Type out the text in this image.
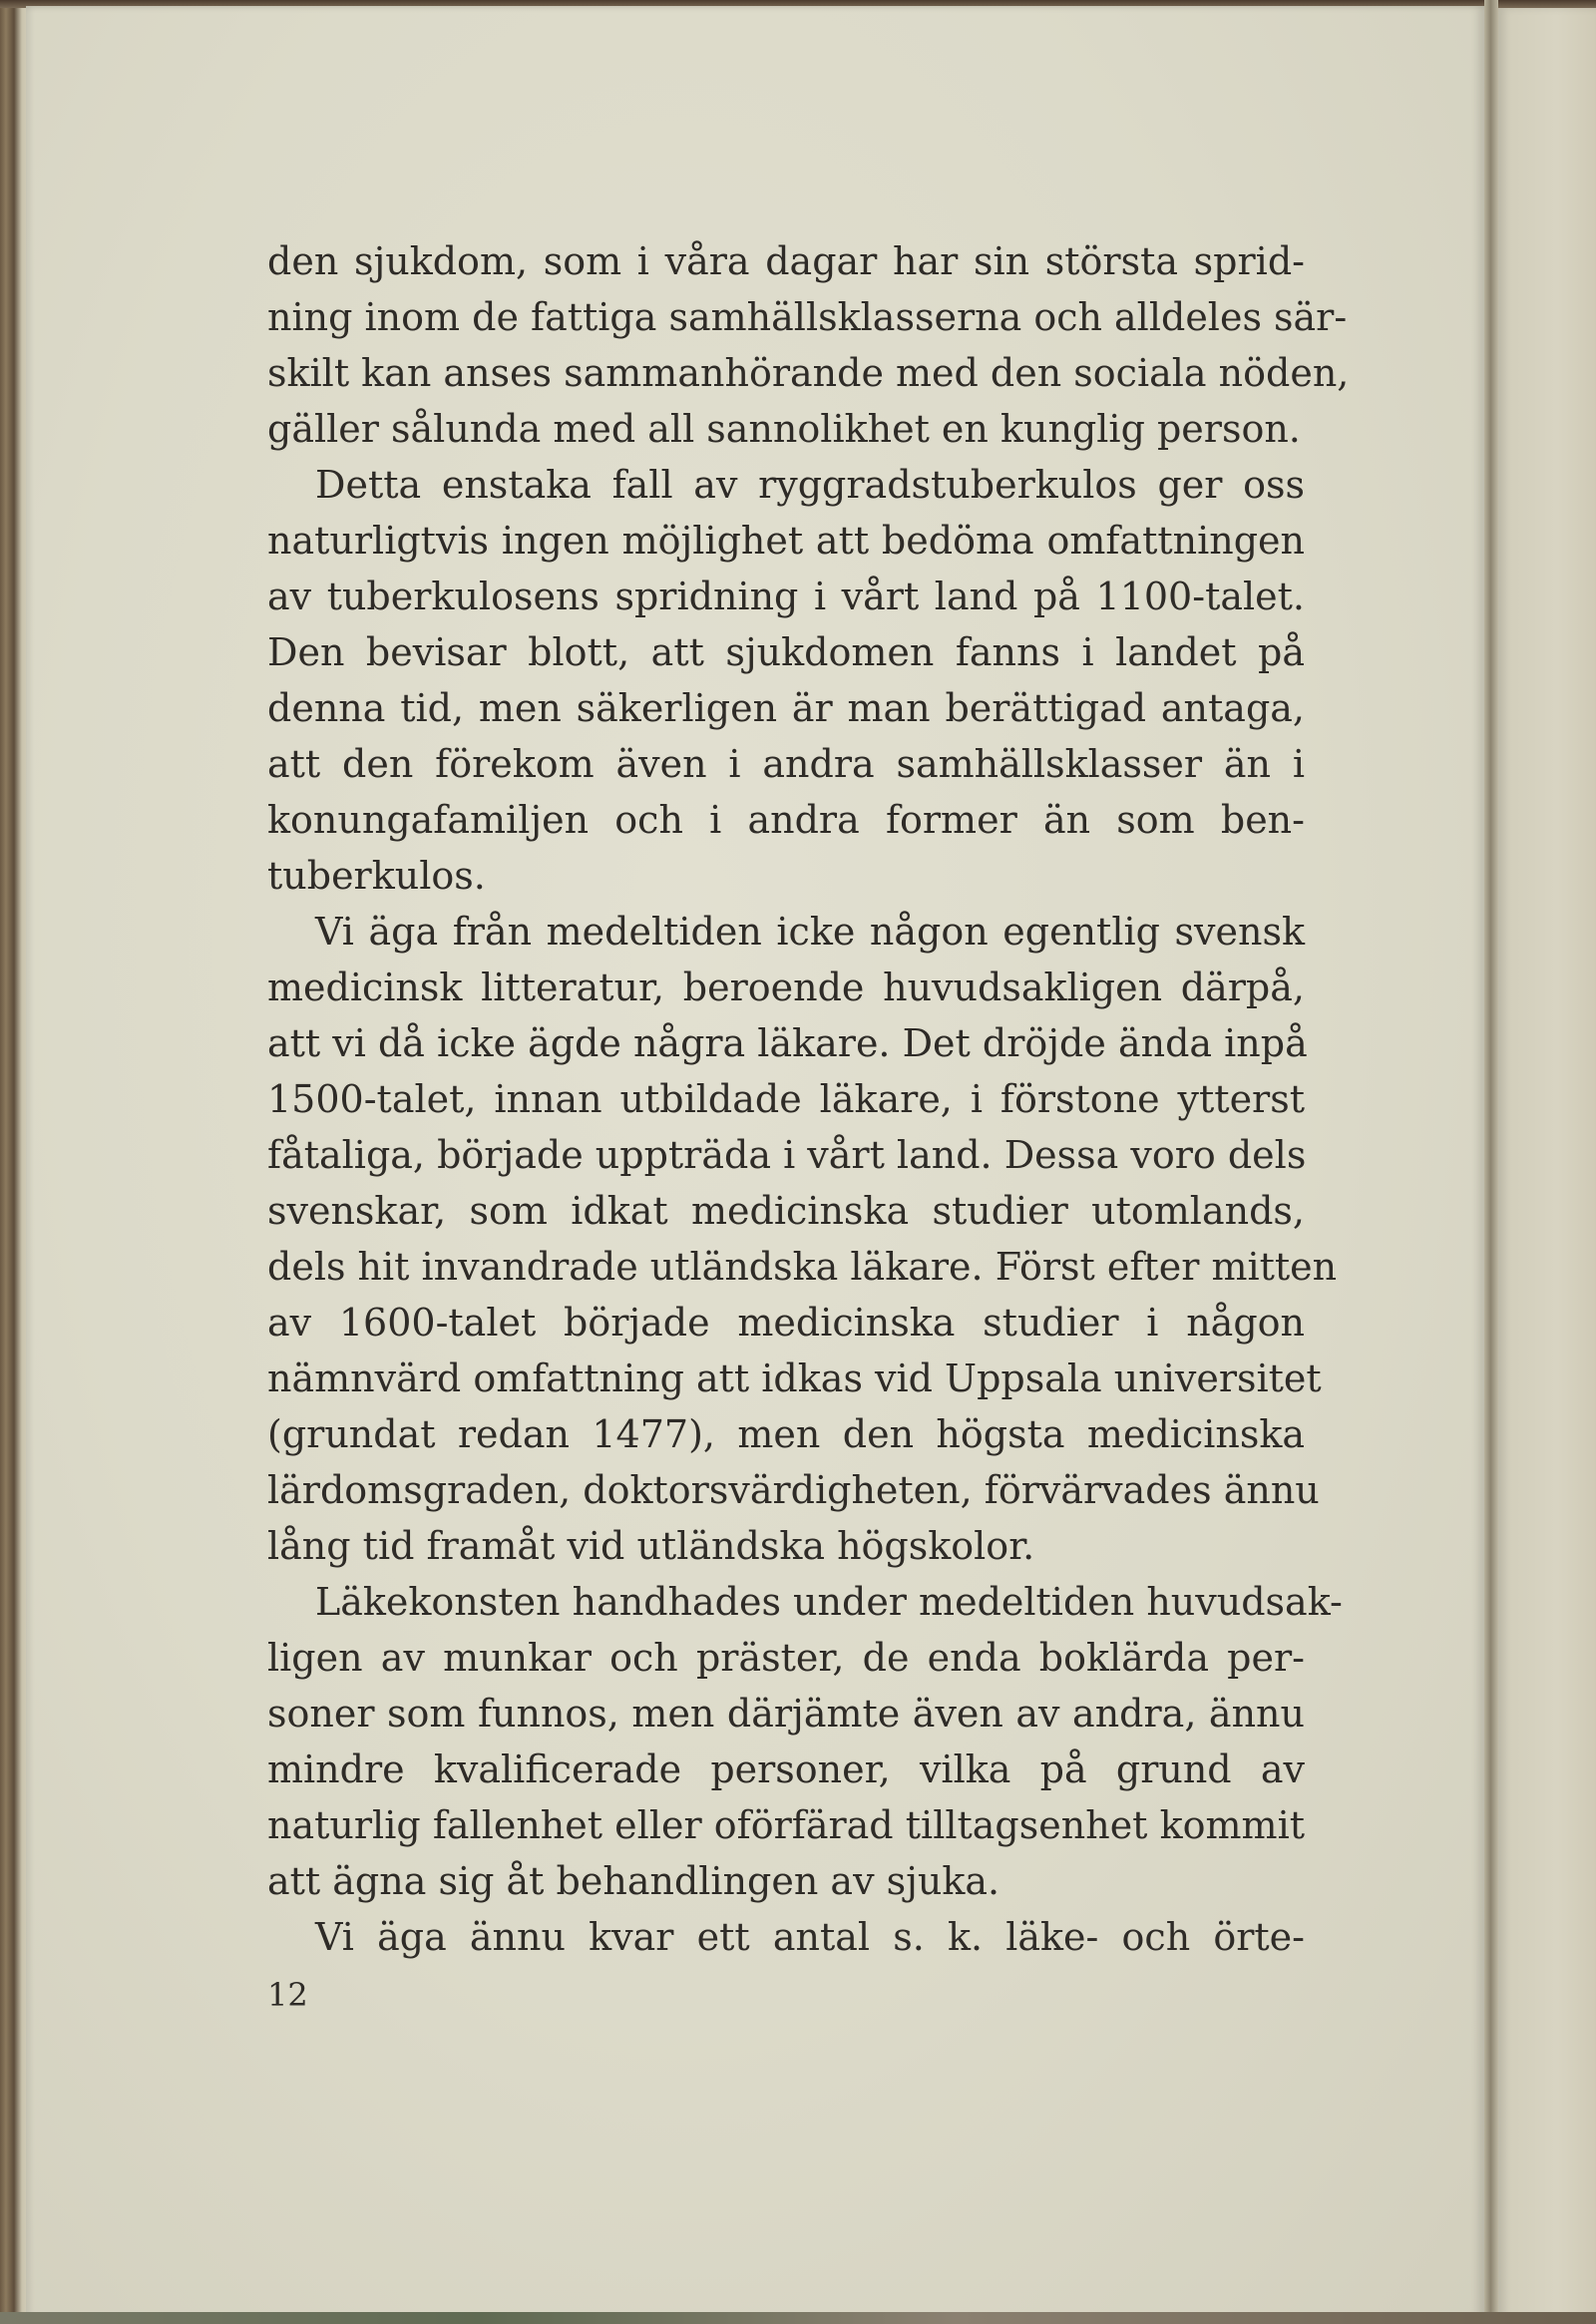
den sjukdom, som i våra dagar har sin största sprid-
ning inom de fattiga samhällsklasserna och alldeles sär-
skilt kan anses sammanhörande med den sociala nöden,
gäller sålunda med all sannolikhet en kunglig person.
Detta enstaka fall av ryggradstuberkulos ger oss
naturligtvis ingen möjlighet att bedöma omfattningen
av tuberkulosens spridning i vårt land på 1100-talet.
Den bevisar blott, att sjukdomen fanns i landet på
denna tid, men säkerligen är man berättigad antaga,
att den förekom även i andra samhällsklasser än i
konungafamiljen och i andra former än som ben-
tuberkulos.
Vi äga från medeltiden icke någon egentlig svensk
medicinsk litteratur, beroende huvudsakligen därpå,
att vi då icke ägde några läkare. Det dröjde ända inpå
1500-talet, innan utbildade läkare, i förstone ytterst
fåtaliga, började uppträda i vårt land. Dessa voro dels
svenskar, som idkat medicinska studier utomlands,
dels hit invandrade utländska läkare. Först efter mitten
av 1600-talet började medicinska studier i någon
nämnvärd omfattning att idkas vid Uppsala universitet
(grundat redan 1477), men den högsta medicinska
lärdomsgraden, doktorsvärdigheten, förvärvades ännu
lång tid framåt vid utländska högskolor.
Läkekonsten handhades under medeltiden huvudsak-
ligen av munkar och präster, de enda boklärda per-
soner som funnos, men därjämte även av andra, ännu
mindre kvalificerade personer, vilka på grund av
naturlig fallenhet eller oförfärad tilltagsenhet kommit
att ägna sig åt behandlingen av sjuka.
Vi äga ännu kvar ett antal s. k. läke- och örte-
12
